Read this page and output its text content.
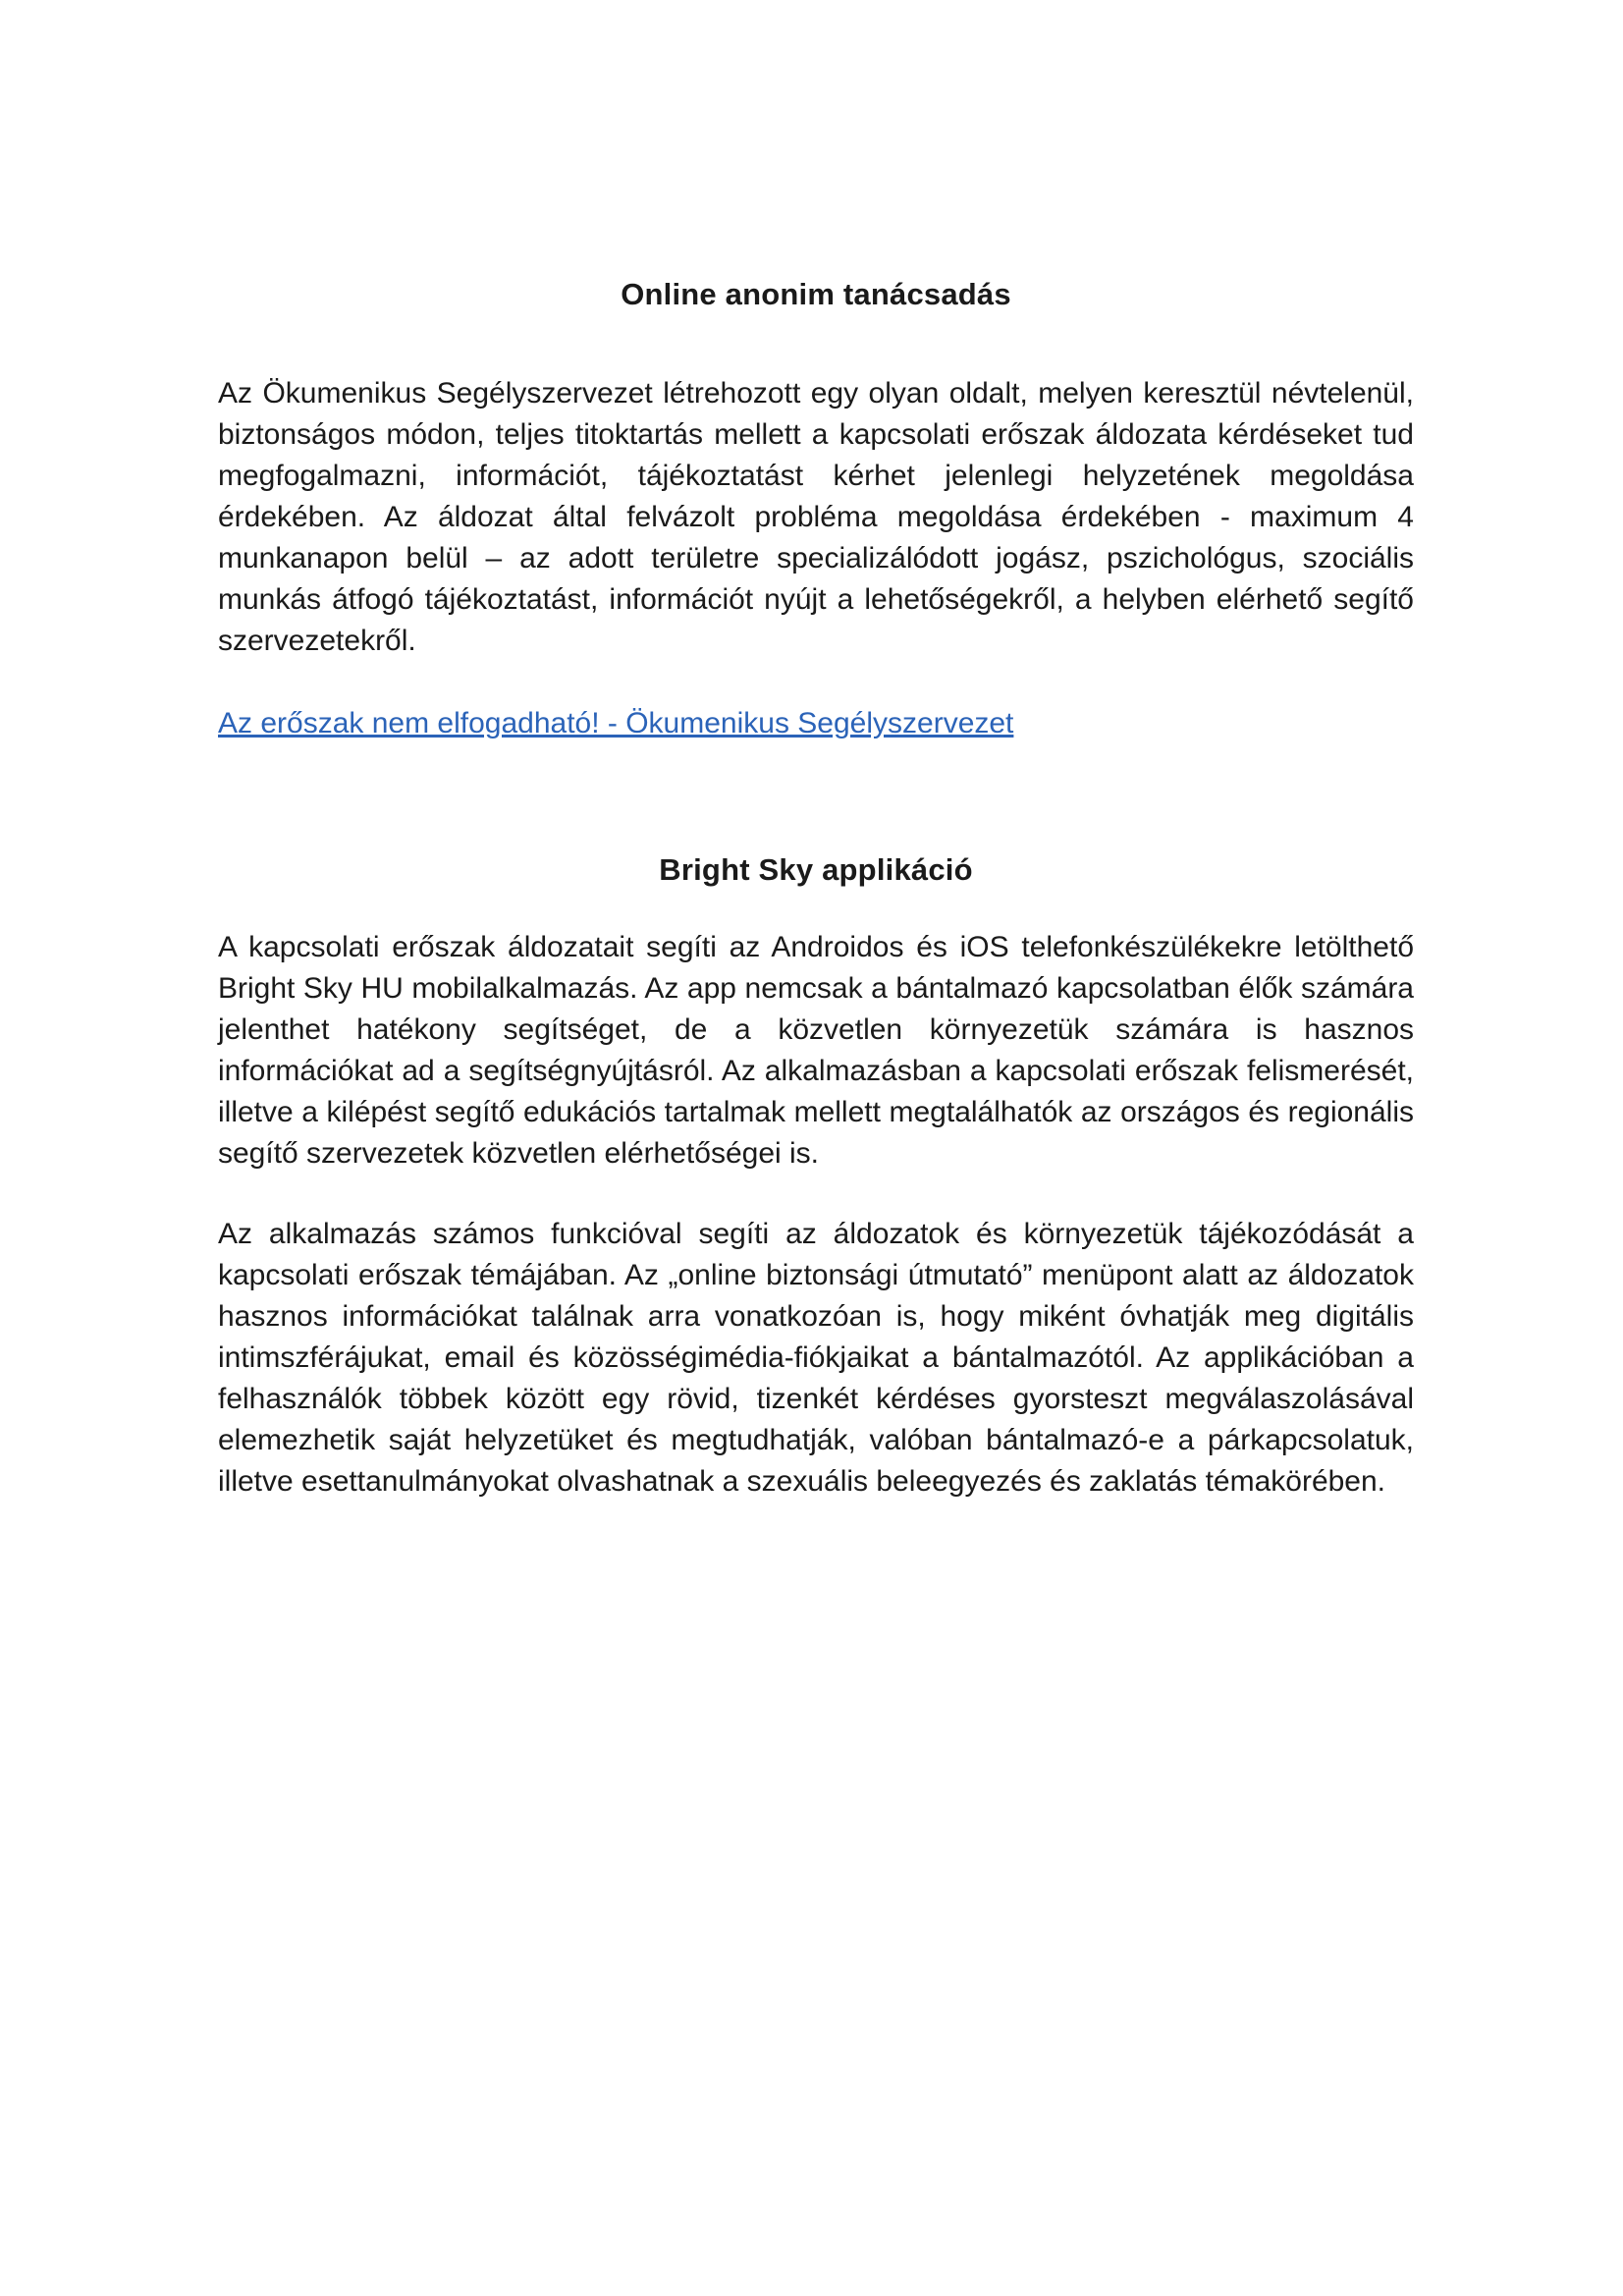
Online anonim tanácsadás

Az Ökumenikus Segélyszervezet létrehozott egy olyan oldalt, melyen keresztül névtelenül, biztonságos módon, teljes titoktartás mellett a kapcsolati erőszak áldozata kérdéseket tud megfogalmazni, információt, tájékoztatást kérhet jelenlegi helyzetének megoldása érdekében. Az áldozat által felvázolt probléma megoldása érdekében - maximum 4 munkanapon belül – az adott területre specializálódott jogász, pszichológus, szociális munkás átfogó tájékoztatást, információt nyújt a lehetőségekről, a helyben elérhető segítő szervezetekről.

Az erőszak nem elfogadható! - Ökumenikus Segélyszervezet
Bright Sky applikáció

A kapcsolati erőszak áldozatait segíti az Androidos és iOS telefonkészülékekre letölthető Bright Sky HU mobilalkalmazás. Az app nemcsak a bántalmazó kapcsolatban élők számára jelenthet hatékony segítséget, de a közvetlen környezetük számára is hasznos információkat ad a segítségnyújtásról. Az alkalmazásban a kapcsolati erőszak felismerését, illetve a kilépést segítő edukációs tartalmak mellett megtalálhatók az országos és regionális segítő szervezetek közvetlen elérhetőségei is.

Az alkalmazás számos funkcióval segíti az áldozatok és környezetük tájékozódását a kapcsolati erőszak témájában. Az „online biztonsági útmutató” menüpont alatt az áldozatok hasznos információkat találnak arra vonatkozóan is, hogy miként óvhatják meg digitális intimszférájukat, email és közösségimédia-fiókjaikat a bántalmazótól. Az applikációban a felhasználók többek között egy rövid, tizenkét kérdéses gyorsteszt megválaszolásával elemezhetik saját helyzetüket és megtudhatják, valóban bántalmazó-e a párkapcsolatuk, illetve esettanulmányokat olvashatnak a szexuális beleegyezés és zaklatás témakörében.
